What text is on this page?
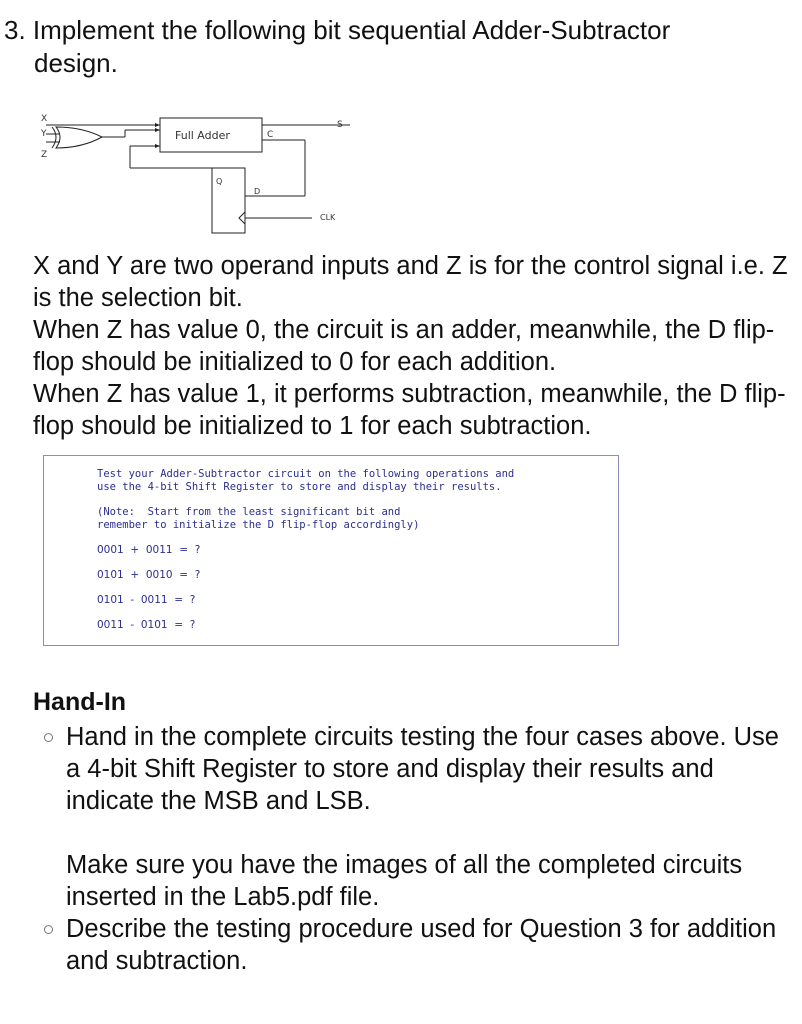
3. Implement the following bit sequential Adder-Subtractor
design.
X
Y
Z
Full Adder	C
S
Q
D
CLK

X and Y are two operand inputs and Z is for the control signal i.e. Z is the selection bit.

When Z has value 0, the circuit is an adder, meanwhile, the D flip-flop should be initialized to 0 for each addition.

When Z has value 1, it performs subtraction, meanwhile, the D flip-flop should be initialized to 1 for each subtraction.

Test your Adder-Subtractor circuit on the following operations and
use the 4-bit Shift Register to store and display their results.
(Note:  Start from the least significant bit and
remember to initialize the D flip-flop accordingly)
0001  +  0011  =  ?
0101  +  0010  =  ?
0101  -  0011  =  ?
0011  -  0101  =  ?
Hand-In
Hand in the complete circuits testing the four cases above. Use a 4-bit Shift Register to store and display their results and indicate the MSB and LSB.
Make sure you have the images of all the completed circuits inserted in the Lab5.pdf file.
Describe the testing procedure used for Question 3 for addition and subtraction.
